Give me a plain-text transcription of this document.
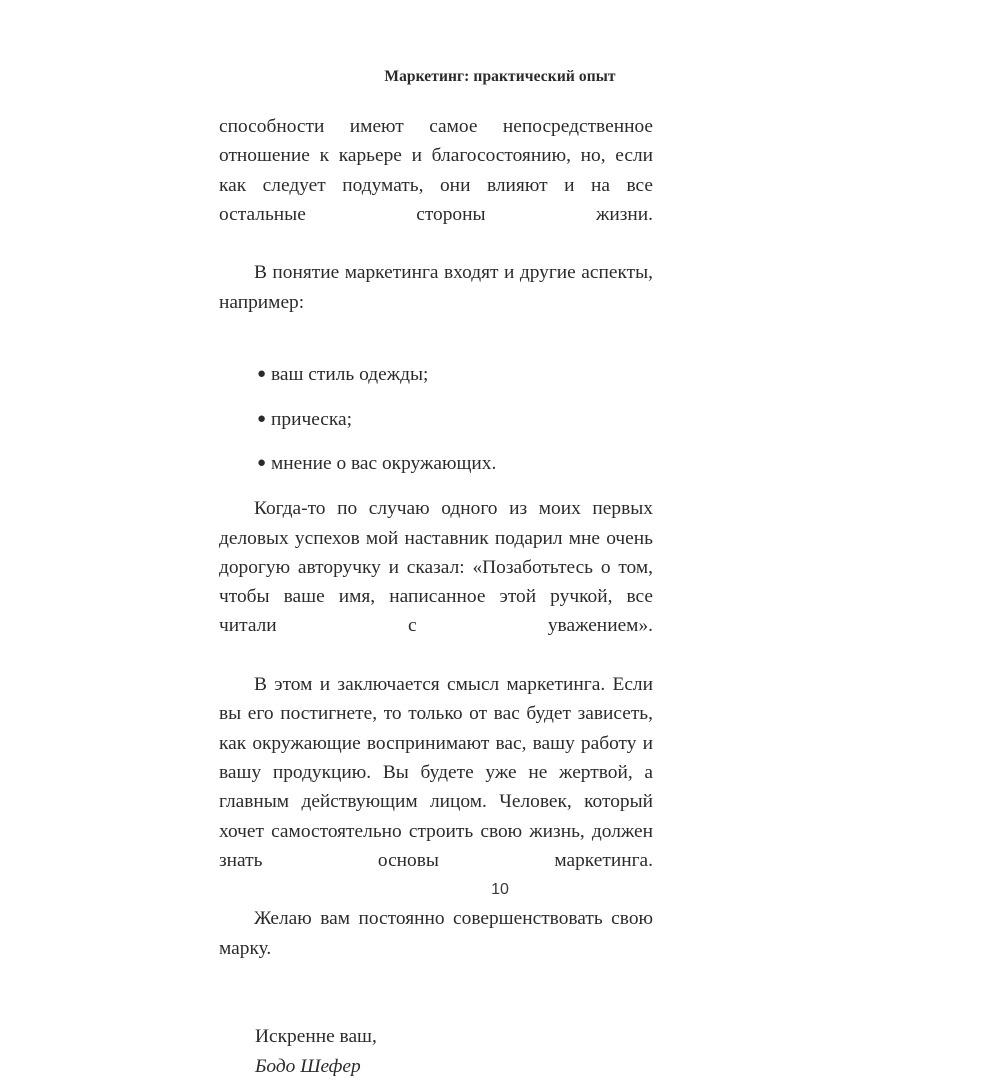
Маркетинг: практический опыт

способности имеют самое непосредственное отношение к карьере и благосостоянию, но, если как следует подумать, они влияют и на все остальные стороны жизни.

В понятие маркетинга входят и другие аспекты, например:

● ваш стиль одежды;
● прическа;
● мнение о вас окружающих.

Когда-то по случаю одного из моих первых деловых успехов мой наставник подарил мне очень дорогую авторучку и сказал: «Позаботьтесь о том, чтобы ваше имя, написанное этой ручкой, все читали с уважением».

В этом и заключается смысл маркетинга. Если вы его постигнете, то только от вас будет зависеть, как окружающие воспринимают вас, вашу работу и вашу продукцию. Вы будете уже не жертвой, а главным действующим лицом. Человек, который хочет самостоятельно строить свою жизнь, должен знать основы маркетинга.

Желаю вам постоянно совершенствовать свою марку.

Искренне ваш,
Бодо Шефер
10
